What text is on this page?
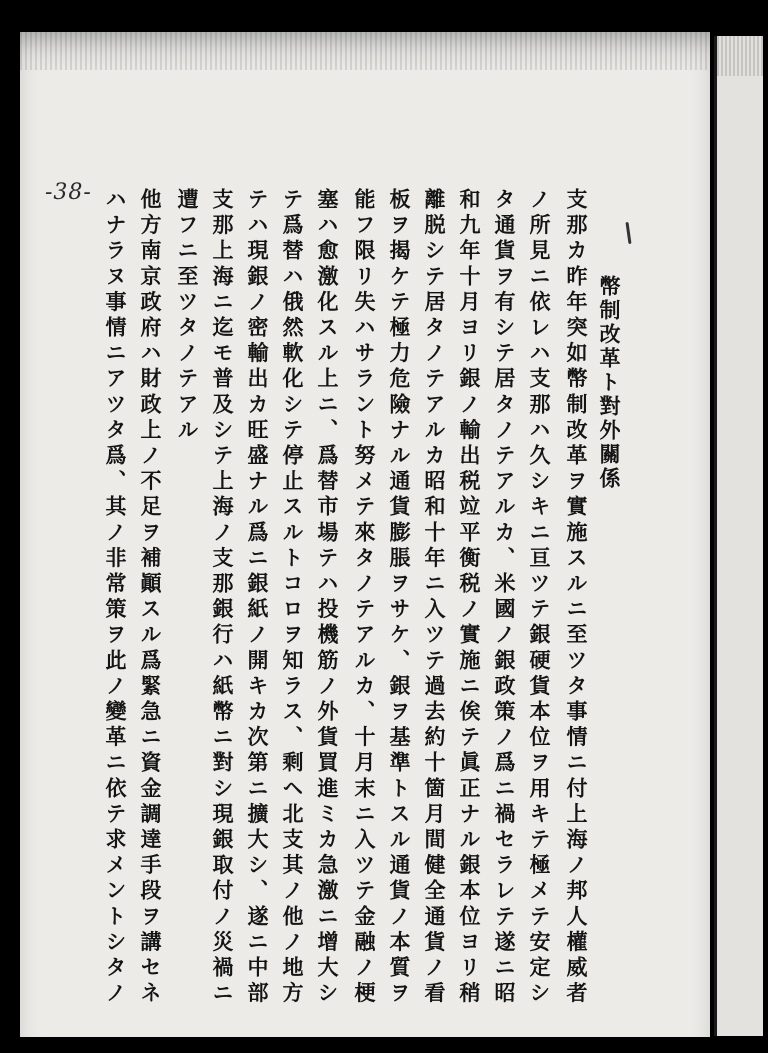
-38-
幣制改革ト對外關係
支那カ昨年突如幣制改革ヲ實施スルニ至ツタ事情ニ付上海ノ邦人權威者
ノ所見ニ依レハ支那ハ久シキニ亘ツテ銀硬貨本位ヲ用キテ極メテ安定シ
タ通貨ヲ有シテ居タノテアルカ、米國ノ銀政策ノ爲ニ禍セラレテ遂ニ昭
和九年十月ヨリ銀ノ輸出税竝平衡税ノ實施ニ俟テ眞正ナル銀本位ヨリ稍
離脱シテ居タノテアルカ昭和十年ニ入ツテ過去約十箇月間健全通貨ノ看
板ヲ揭ケテ極力危險ナル通貨膨脹ヲサケ、銀ヲ基準トスル通貨ノ本質ヲ
能フ限リ失ハサラント努メテ來タノテアルカ、十月末ニ入ツテ金融ノ梗
塞ハ愈激化スル上ニ、爲替市場テハ投機筋ノ外貨買進ミカ急激ニ增大シ
テ爲替ハ俄然軟化シテ停止スルトコロヲ知ラス、剩ヘ北支其ノ他ノ地方
テハ現銀ノ密輸出カ旺盛ナル爲ニ銀紙ノ開キカ次第ニ擴大シ、遂ニ中部
支那上海ニ迄モ普及シテ上海ノ支那銀行ハ紙幣ニ對シ現銀取付ノ災禍ニ
遭フニ至ツタノテアル
他方南京政府ハ財政上ノ不足ヲ補顚スル爲緊急ニ資金調達手段ヲ講セネ
ハナラヌ事情ニアツタ爲、其ノ非常策ヲ此ノ變革ニ依テ求メントシタノ
